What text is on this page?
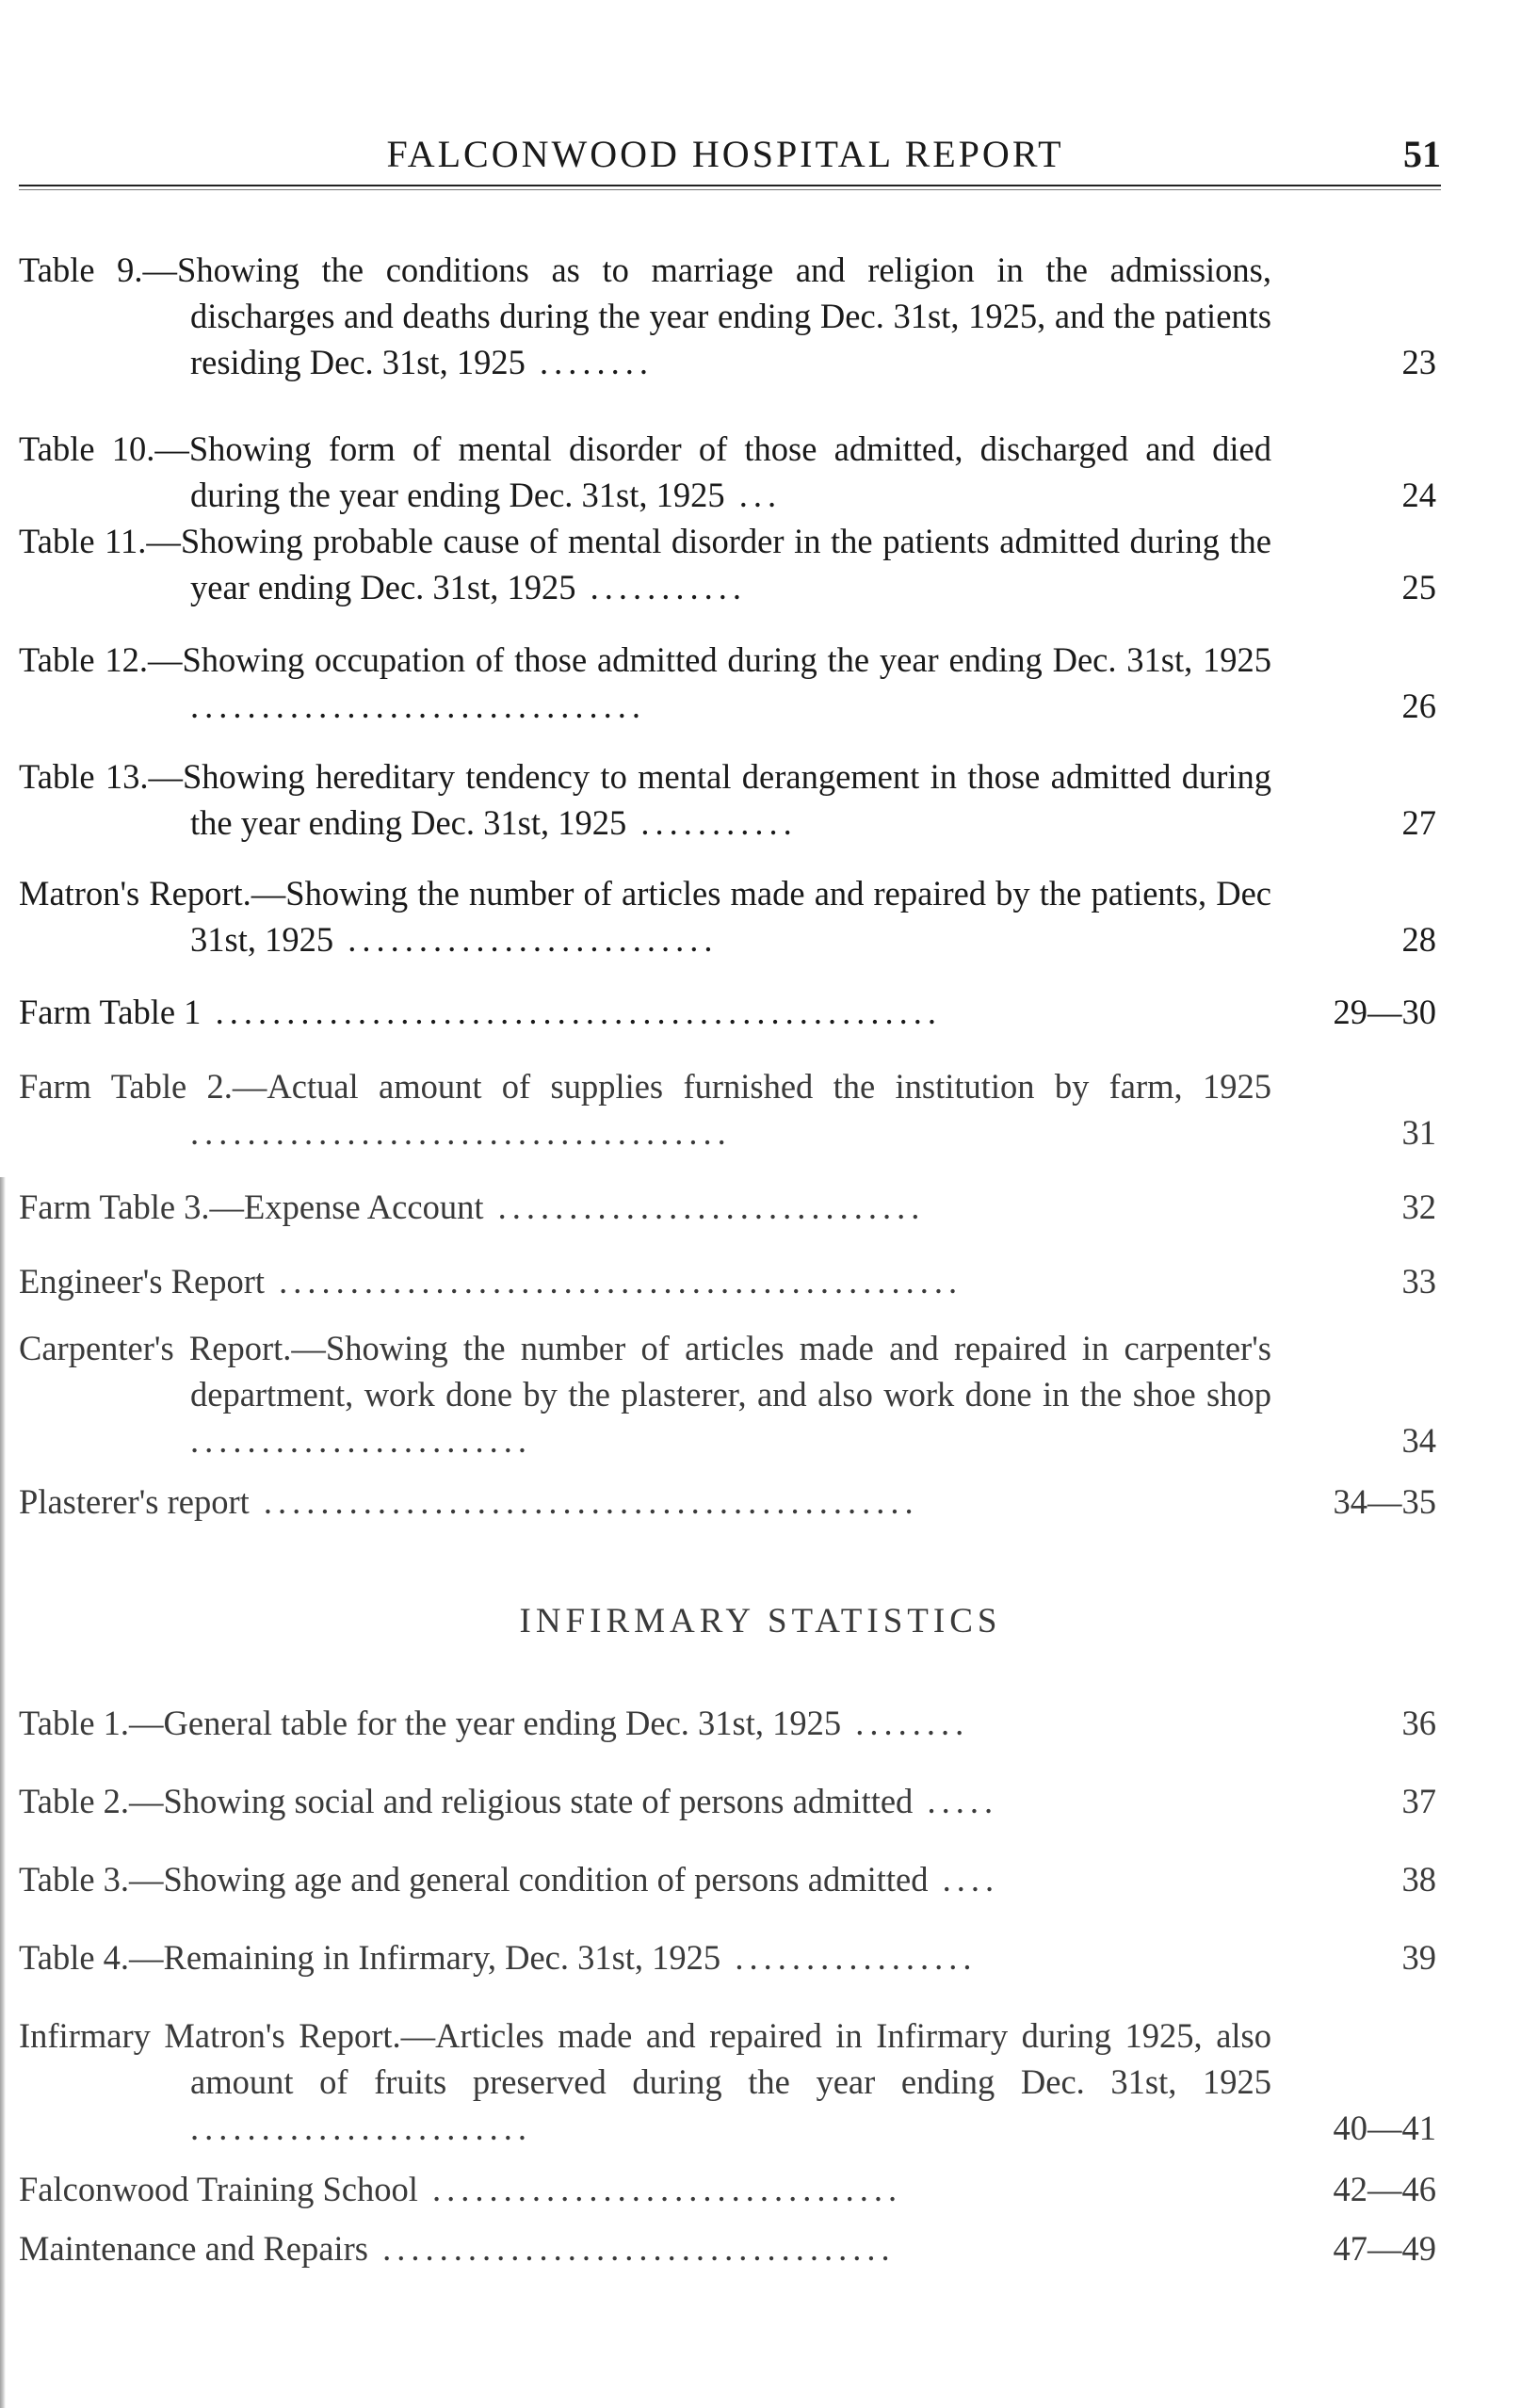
FALCONWOOD HOSPITAL REPORT	51
Table 9.—Showing the conditions as to marriage and religion in the admissions, discharges and deaths during the year ending Dec. 31st, 1925, and the patients residing Dec. 31st, 1925 ........	23
Table 10.—Showing form of mental disorder of those admitted, discharged and died during the year ending Dec. 31st, 1925 ...	24
Table 11.—Showing probable cause of mental disorder in the patients admitted during the year ending Dec. 31st, 1925 ...........	25
Table 12.—Showing occupation of those admitted during the year ending Dec. 31st, 1925 ................................	26
Table 13.—Showing hereditary tendency to mental derangement in those admitted during the year ending Dec. 31st, 1925 ...........	27
Matron's Report.—Showing the number of articles made and repaired by the patients, Dec 31st, 1925 ..........................	28
Farm Table 1 ...................................................	29—30
Farm Table 2.—Actual amount of supplies furnished the institution by farm, 1925 ......................................	31
Farm Table 3.—Expense Account ..............................	32
Engineer's Report ................................................	33
Carpenter's Report.—Showing the number of articles made and repaired in carpenter's department, work done by the plasterer, and also work done in the shoe shop ........................	34
Plasterer's report ..............................................	34—35
INFIRMARY STATISTICS
Table 1.—General table for the year ending Dec. 31st, 1925 ........	36
Table 2.—Showing social and religious state of persons admitted .....	37
Table 3.—Showing age and general condition of persons admitted ....	38
Table 4.—Remaining in Infirmary, Dec. 31st, 1925 .................	39
Infirmary Matron's Report.—Articles made and repaired in Infirmary during 1925, also amount of fruits preserved during the year ending Dec. 31st, 1925 ........................	40—41
Falconwood Training School .................................	42—46
Maintenance and Repairs ....................................	47—49
